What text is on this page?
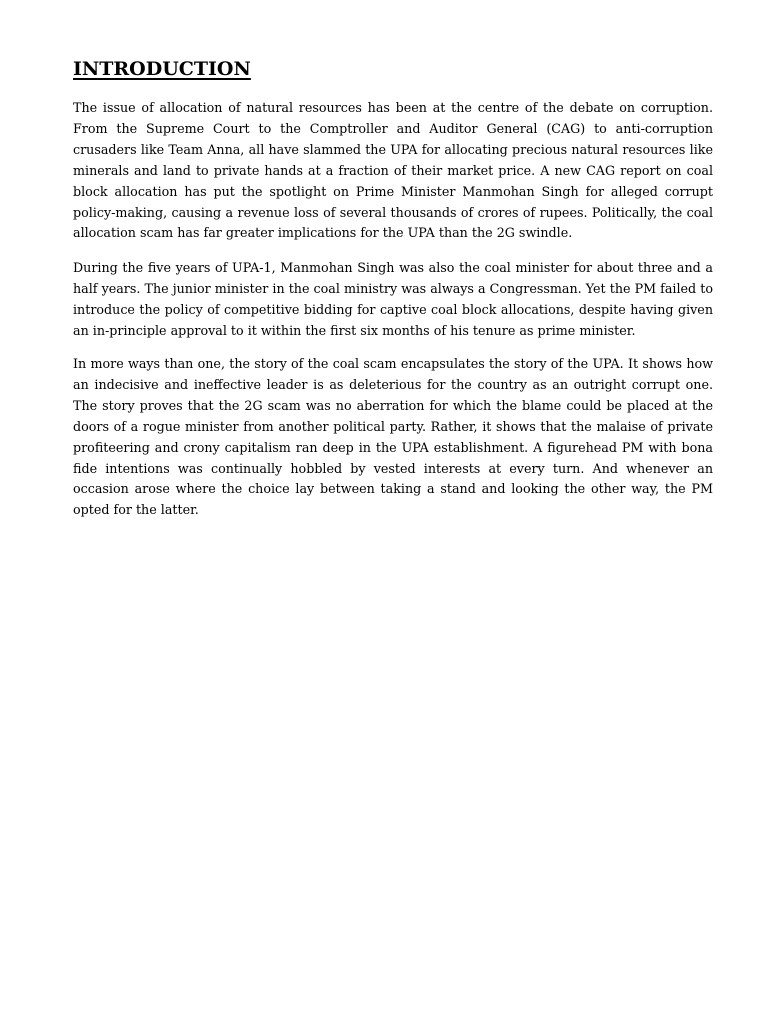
INTRODUCTION

The issue of allocation of natural resources has been at the centre of the debate on corruption. From the Supreme Court to the Comptroller and Auditor General (CAG) to anti-corruption crusaders like Team Anna, all have slammed the UPA for allocating precious natural resources like minerals and land to private hands at a fraction of their market price. A new CAG report on coal block allocation has put the spotlight on Prime Minister Manmohan Singh for alleged corrupt policy-making, causing a revenue loss of several thousands of crores of rupees. Politically, the coal allocation scam has far greater implications for the UPA than the 2G swindle.

During the five years of UPA-1, Manmohan Singh was also the coal minister for about three and a half years. The junior minister in the coal ministry was always a Congressman. Yet the PM failed to introduce the policy of competitive bidding for captive coal block allocations, despite having given an in-principle approval to it within the first six months of his tenure as prime minister.

In more ways than one, the story of the coal scam encapsulates the story of the UPA. It shows how an indecisive and ineffective leader is as deleterious for the country as an outright corrupt one. The story proves that the 2G scam was no aberration for which the blame could be placed at the doors of a rogue minister from another political party. Rather, it shows that the malaise of private profiteering and crony capitalism ran deep in the UPA establishment. A figurehead PM with bona fide intentions was continually hobbled by vested interests at every turn. And whenever an occasion arose where the choice lay between taking a stand and looking the other way, the PM opted for the latter.
